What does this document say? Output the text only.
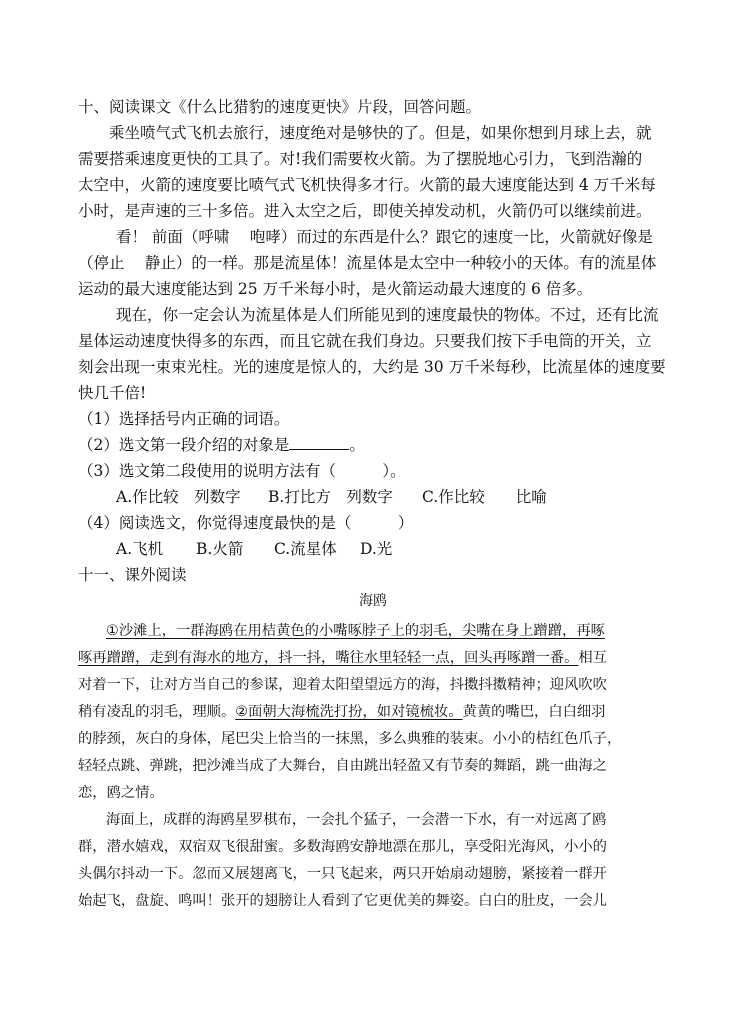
十、阅读课文《什么比猎豹的速度更快》片段，回答问题。
乘坐喷气式飞机去旅行，速度绝对是够快的了。但是，如果你想到月球上去，就
需要搭乘速度更快的工具了。对!我们需要枚火箭。为了摆脱地心引力，飞到浩瀚的
太空中，火箭的速度要比喷气式飞机快得多才行。火箭的最大速度能达到 4 万千米每
小时，是声速的三十多倍。进入太空之后，即使关掉发动机，火箭仍可以继续前进。
看！ 前面（呼啸　 咆哮）而过的东西是什么？跟它的速度一比，火箭就好像是
（停止　 静止）的一样。那是流星体！流星体是太空中一种较小的天体。有的流星体
运动的最大速度能达到 25 万千米每小时，是火箭运动最大速度的 6 倍多。
现在，你一定会认为流星体是人们所能见到的速度最快的物体。不过，还有比流
星体运动速度快得多的东西，而且它就在我们身边。只要我们按下手电筒的开关，立
刻会出现一束束光柱。光的速度是惊人的，大约是 30 万千米每秒，比流星体的速度要
快几千倍!
（1）选择括号内正确的词语。
（2）选文第一段介绍的对象是	。
（3）选文第二段使用的说明方法有（　　　）。
A.作比较　列数字 B.打比方　列数字 C.作比较　　比喻
（4）阅读选文，你觉得速度最快的是（　　　）
A.飞机 B.火箭 C.流星体 D.光
十一、课外阅读
海鸥
①沙滩上，一群海鸥在用桔黄色的小嘴啄脖子上的羽毛，尖嘴在身上蹭蹭，再啄
啄再蹭蹭，走到有海水的地方，抖一抖，嘴往水里轻轻一点，回头再啄蹭一番。相互
对着一下，让对方当自己的参谋，迎着太阳望望远方的海，抖擞抖擞精神；迎风吹吹
稍有凌乱的羽毛，理顺。②面朝大海梳洗打扮，如对镜梳妆。黄黄的嘴巴，白白细羽
的脖颈，灰白的身体，尾巴尖上恰当的一抹黑，多么典雅的装束。小小的桔红色爪子，
轻轻点跳、弹跳，把沙滩当成了大舞台，自由跳出轻盈又有节奏的舞蹈，跳一曲海之
恋，鸥之情。
海面上，成群的海鸥星罗棋布，一会扎个猛子，一会潜一下水，有一对远离了鸥
群，潜水嬉戏，双宿双飞很甜蜜。多数海鸥安静地漂在那儿，享受阳光海风，小小的
头偶尔抖动一下。忽而又展翅离飞，一只飞起来，两只开始扇动翅膀，紧接着一群开
始起飞，盘旋、鸣叫！张开的翅膀让人看到了它更优美的舞姿。白白的肚皮，一会儿
